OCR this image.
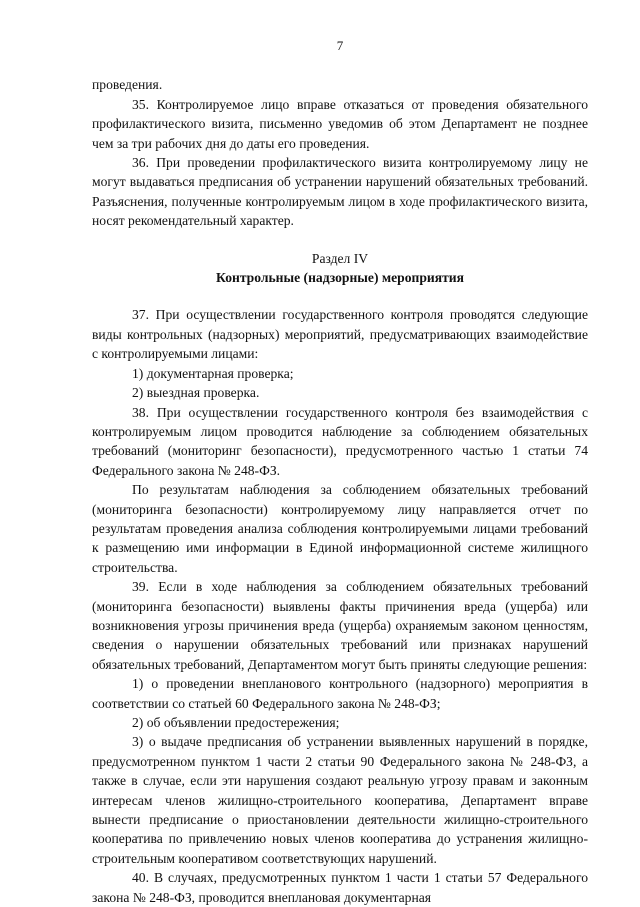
7

проведения.

35. Контролируемое лицо вправе отказаться от проведения обязательного профилактического визита, письменно уведомив об этом Департамент не позднее чем за три рабочих дня до даты его проведения.

36. При проведении профилактического визита контролируемому лицу не могут выдаваться предписания об устранении нарушений обязательных требований. Разъяснения, полученные контролируемым лицом в ходе профилактического визита, носят рекомендательный характер.

Раздел IV

Контрольные (надзорные) мероприятия

37. При осуществлении государственного контроля проводятся следующие виды контрольных (надзорных) мероприятий, предусматривающих взаимодействие с контролируемыми лицами:

1) документарная проверка;

2) выездная проверка.

38. При осуществлении государственного контроля без взаимодействия с контролируемым лицом проводится наблюдение за соблюдением обязательных требований (мониторинг безопасности), предусмотренного частью 1 статьи 74 Федерального закона № 248-ФЗ.

По результатам наблюдения за соблюдением обязательных требований (мониторинга безопасности) контролируемому лицу направляется отчет по результатам проведения анализа соблюдения контролируемыми лицами требований к размещению ими информации в Единой информационной системе жилищного строительства.

39. Если в ходе наблюдения за соблюдением обязательных требований (мониторинга безопасности) выявлены факты причинения вреда (ущерба) или возникновения угрозы причинения вреда (ущерба) охраняемым законом ценностям, сведения о нарушении обязательных требований или признаках нарушений обязательных требований, Департаментом могут быть приняты следующие решения:

1) о проведении внепланового контрольного (надзорного) мероприятия в соответствии со статьей 60 Федерального закона № 248-ФЗ;

2) об объявлении предостережения;

3) о выдаче предписания об устранении выявленных нарушений в порядке, предусмотренном пунктом 1 части 2 статьи 90 Федерального закона № 248-ФЗ, а также в случае, если эти нарушения создают реальную угрозу правам и законным интересам членов жилищно-строительного кооператива, Департамент вправе вынести предписание о приостановлении деятельности жилищно-строительного кооператива по привлечению новых членов кооператива до устранения жилищно-строительным кооперативом соответствующих нарушений.

40. В случаях, предусмотренных пунктом 1 части 1 статьи 57 Федерального закона № 248-ФЗ, проводится внеплановая документарная
